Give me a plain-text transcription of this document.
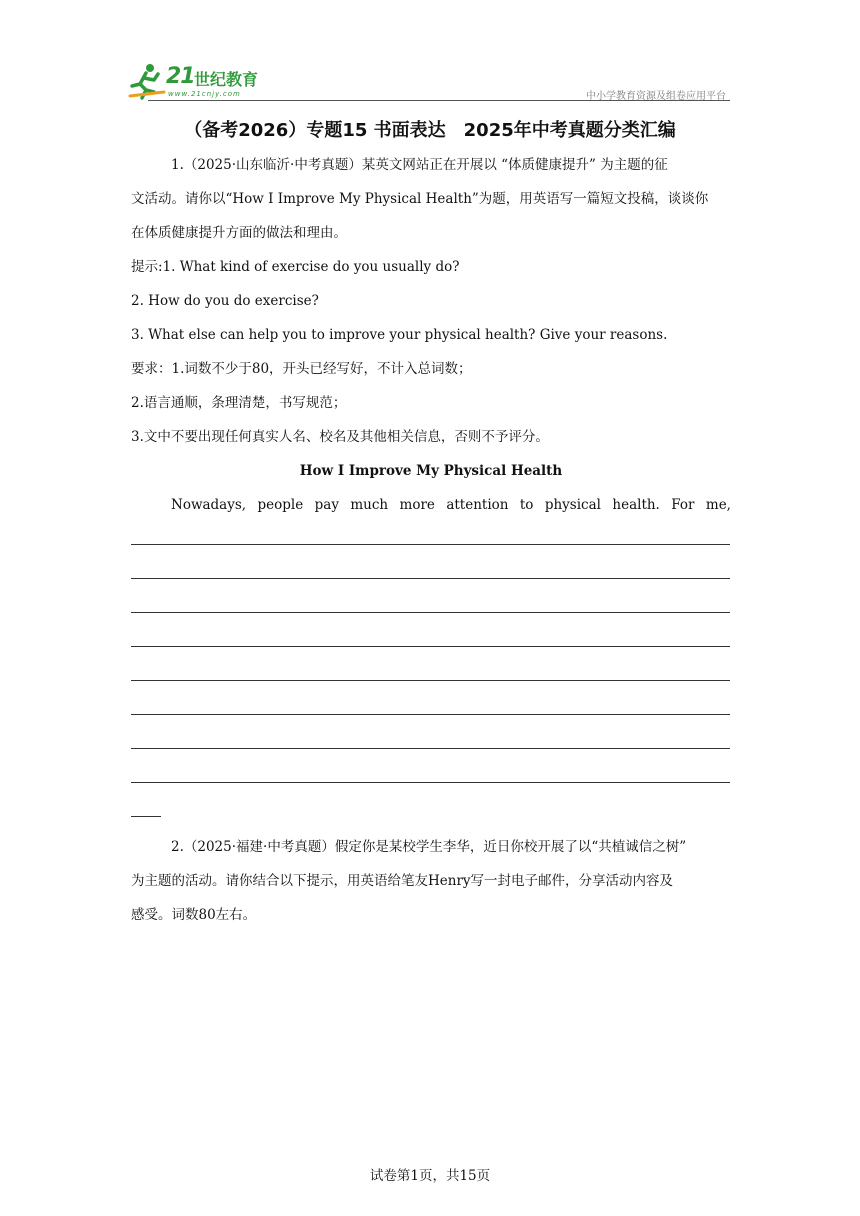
21 世纪教育
www.21cnjy.com	中小学教育资源及组卷应用平台
（备考2026）专题15 书面表达　2025年中考真题分类汇编

1.（2025·山东临沂·中考真题）某英文网站正在开展以 “体质健康提升” 为主题的征

文活动。请你以“How I Improve My Physical Health”为题，用英语写一篇短文投稿，谈谈你

在体质健康提升方面的做法和理由。

提示:1. What kind of exercise do you usually do?

2. How do you do exercise?

3. What else can help you to improve your physical health? Give your reasons.

要求：1.词数不少于80，开头已经写好，不计入总词数；

2.语言通顺，条理清楚，书写规范；

3.文中不要出现任何真实人名、校名及其他相关信息，否则不予评分。

How I Improve My Physical Health
Nowadays, people pay much more attention to physical health. For me,

2.（2025·福建·中考真题）假定你是某校学生李华，近日你校开展了以“共植诚信之树”

为主题的活动。请你结合以下提示，用英语给笔友Henry写一封电子邮件，分享活动内容及

感受。词数80左右。

试卷第1页，共15页
